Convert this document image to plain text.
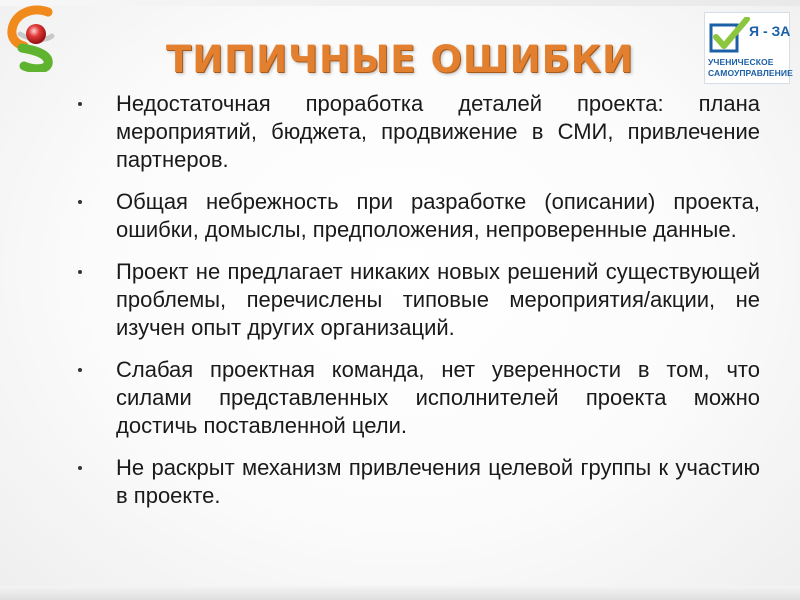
Я - ЗА
УЧЕНИЧЕСКОЕ
САМОУПРАВЛЕНИЕ
ТИПИЧНЫЕ ОШИБКИ
Недостаточная проработка деталей проекта: плана мероприятий, бюджета, продвижение в СМИ, привлечение партнеров.
Общая небрежность при разработке (описании) проекта, ошибки, домыслы, предположения, непроверенные данные.
Проект не предлагает никаких новых решений существующей проблемы, перечислены типовые мероприятия/акции, не изучен опыт других организаций.
Слабая проектная команда, нет уверенности в том, что силами представленных исполнителей проекта можно достичь поставленной цели.
Не раскрыт механизм привлечения целевой группы к участию в проекте.
